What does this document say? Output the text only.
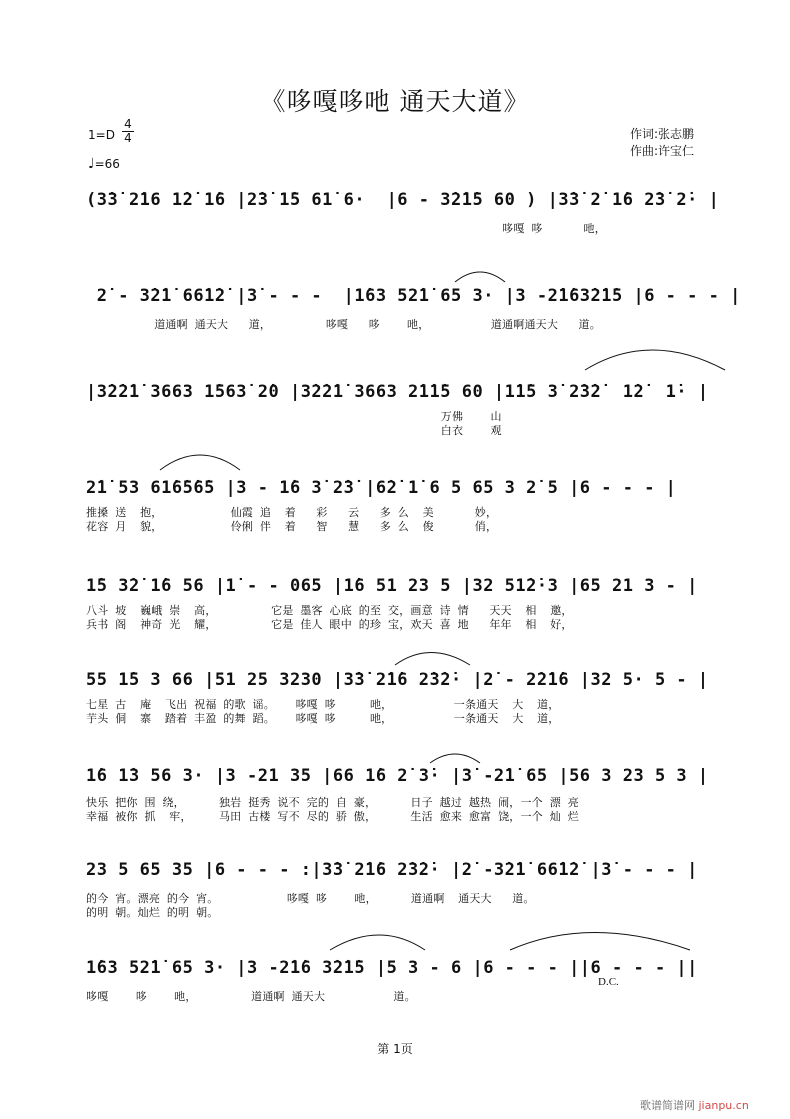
《哆嘎哆吔 通天大道》
4
4
1=D
♩=66
作词:张志鹏
作曲:许宝仁
(3̇3̇ 2̇16 1̇2̇ 1̇6 |2̇3̇ 1̇5 61̇ 6·  |6 - 3̇2̇1̇5 60 ) |3̇3̇ 2̇ 1̇6 2̇3̇ 2̇· |
哆嘎 哆      吔，
2̇ - 3̇2̇1̇ 66̇1̇2̇ |3̇ - - -  |1̇63 52̇1̇ 65 3· |3 -2̇1̇63̇2̇1̇5 |6 - - - |
道通啊 通天大   道，        哆嘎   哆    吔，         道通啊通天大   道。
|3̇2̇2̇1̇ 3663 1̇563̇ 2̇0 |3̇2̇2̇1̇ 3663 2̇1̇1̇5 60 |1̇1̇5 3̇ 2̇3̇2̇  1̇2̇  1̇· |
万佛    山
白衣    观
2̇1̇ 53 61̇6̇5̇6̇5 |3 - 1̇6 3̇ 2̇3̇ |6̇2̇ 1̇ 6 5 65 3 2̇ 5 |6 - - - |
推搡 送  抱，          仙霞 追  着   彩   云   多 么  美      妙，
花容 月  貌，          伶俐 伴  着   智   慧   多 么  俊      俏，
1̇5 3̇2̇ 1̇6 56 |1̇ - - 065 |1̇6 51 23 5 |32 51̇2̇·3 |65 21 3 - |
八斗 坡  巍峨 崇  高，        它是 墨客 心底 的至 交，画意 诗 情   天天  相  邀，
兵书 阁  神奇 光  耀，        它是 佳人 眼中 的珍 宝，欢天 喜 地   年年  相  好，
55 1̇5 3 66 |51 25 3230 |3̇3̇ 2̇1̇6 2̇3̇2̇· |2̇ - 2̇2̇1̇6 |32 5· 5 - |
七星 古  庵  飞出 祝福 的歌 谣。   哆嘎 哆     吔，         一条通天  大  道，
芋头 侗  寨  踏着 丰盈 的舞 蹈。   哆嘎 哆     吔，         一条通天  大  道，
1̇6 1̇3 56 3· |3 -21 35 |66 1̇6 2̇ 3̇· |3̇ -2̇1̇ 65 |56 3 23 5 3 |
快乐 把你 围 绕，     独岩 挺秀 说不 完的 自 豪，     日子 越过 越热 闹，一个 漂 亮
幸福 被你 抓  牢，    马田 古楼 写不 尽的 骄 傲，     生活 愈来 愈富 饶，一个 灿 烂
23 5 65 35 |6 - - - :|3̇3̇ 2̇1̇6 2̇3̇2̇· |2̇ -3̇2̇1̇ 66̇1̇2̇ |3̇ - - - |
的今 宵。漂亮 的今 宵。          哆嘎 哆    吔，     道通啊  通天大   道。
的明 朝。灿烂 的明 朝。
1̇63 52̇1̇ 65 3· |3 -2̇1̇6 3̇2̇1̇5 |5 3 - 6 |6 - - - ||6 - - - ||
哆嘎    哆    吔，        道通啊 通天大          道。
D.C.
第 1页
歌谱简谱网 jianpu.cn
